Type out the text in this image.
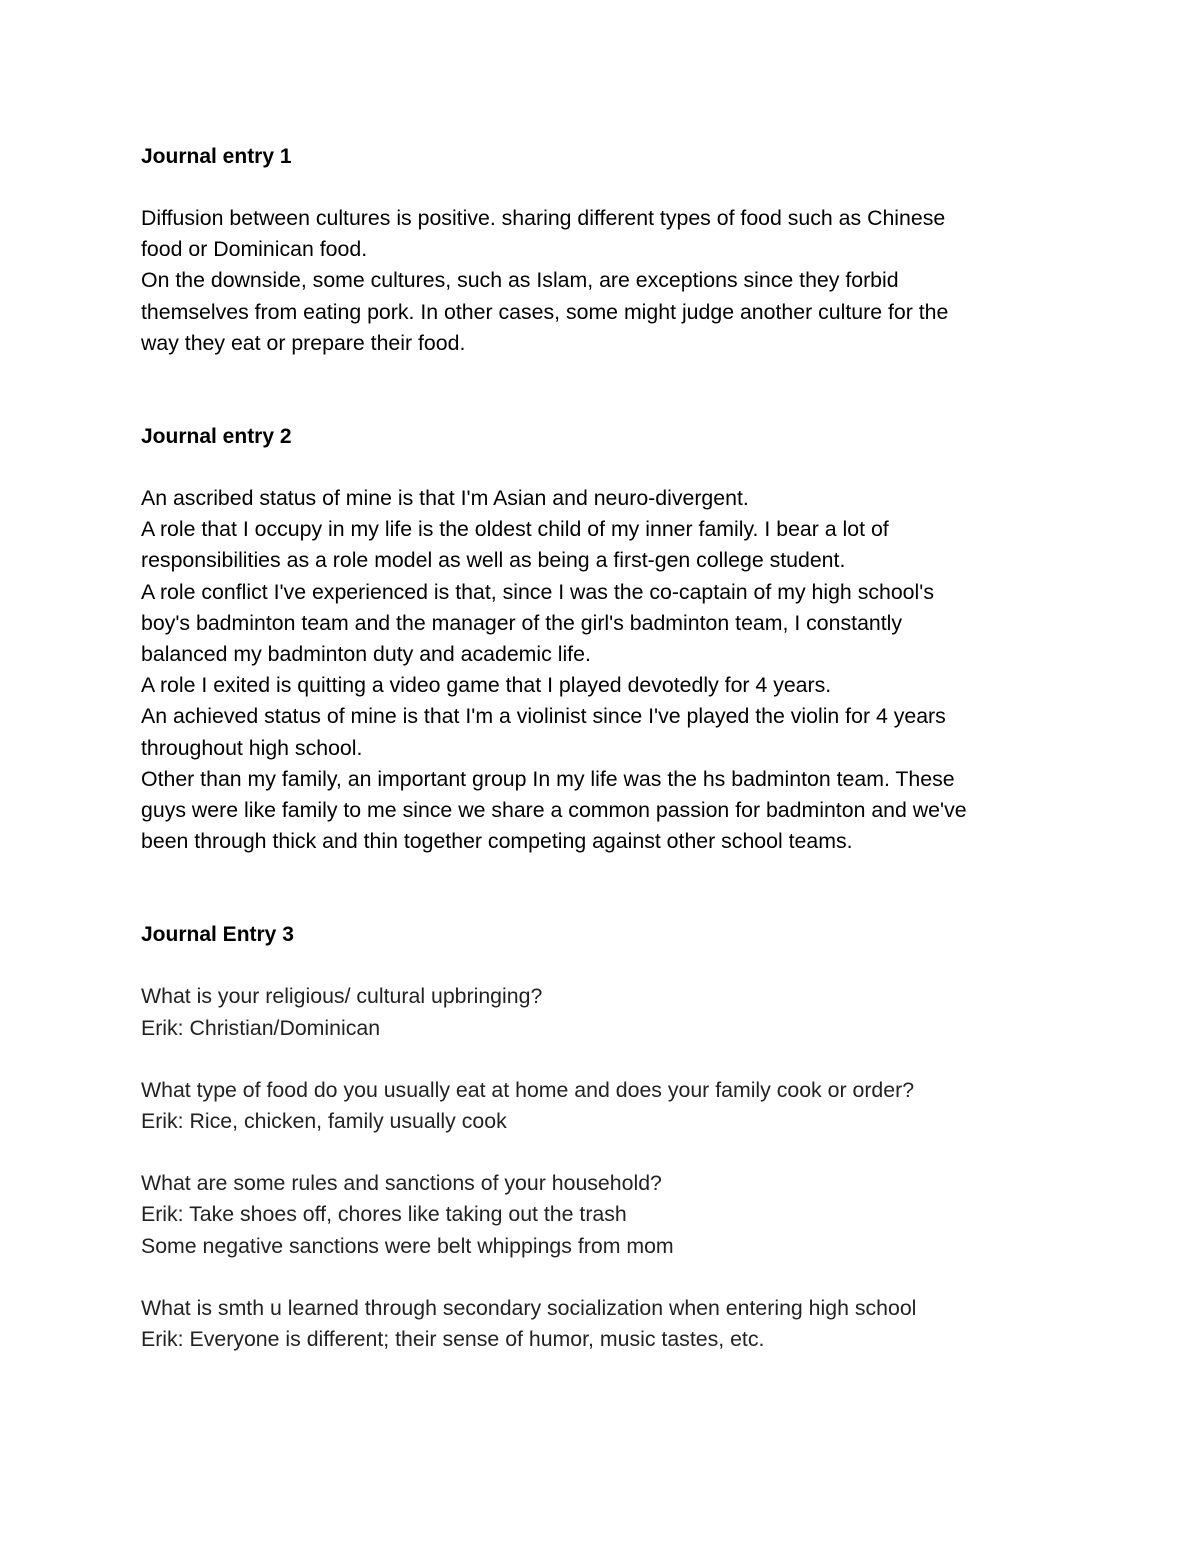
Journal entry 1

Diffusion between cultures is positive. sharing different types of food such as Chinese

food or Dominican food.

On the downside, some cultures, such as Islam, are exceptions since they forbid

themselves from eating pork. In other cases, some might judge another culture for the

way they eat or prepare their food.

Journal entry 2

An ascribed status of mine is that I'm Asian and neuro-divergent.

A role that I occupy in my life is the oldest child of my inner family. I bear a lot of

responsibilities as a role model as well as being a first-gen college student.

A role conflict I've experienced is that, since I was the co-captain of my high school's

boy's badminton team and the manager of the girl's badminton team, I constantly

balanced my badminton duty and academic life.

A role I exited is quitting a video game that I played devotedly for 4 years.

An achieved status of mine is that I'm a violinist since I've played the violin for 4 years

throughout high school.

Other than my family, an important group In my life was the hs badminton team. These

guys were like family to me since we share a common passion for badminton and we've

been through thick and thin together competing against other school teams.

Journal Entry 3

What is your religious/ cultural upbringing?

Erik: Christian/Dominican

What type of food do you usually eat at home and does your family cook or order?

Erik: Rice, chicken, family usually cook

What are some rules and sanctions of your household?

Erik: Take shoes off, chores like taking out the trash

Some negative sanctions were belt whippings from mom

What is smth u learned through secondary socialization when entering high school

Erik: Everyone is different; their sense of humor, music tastes, etc.
